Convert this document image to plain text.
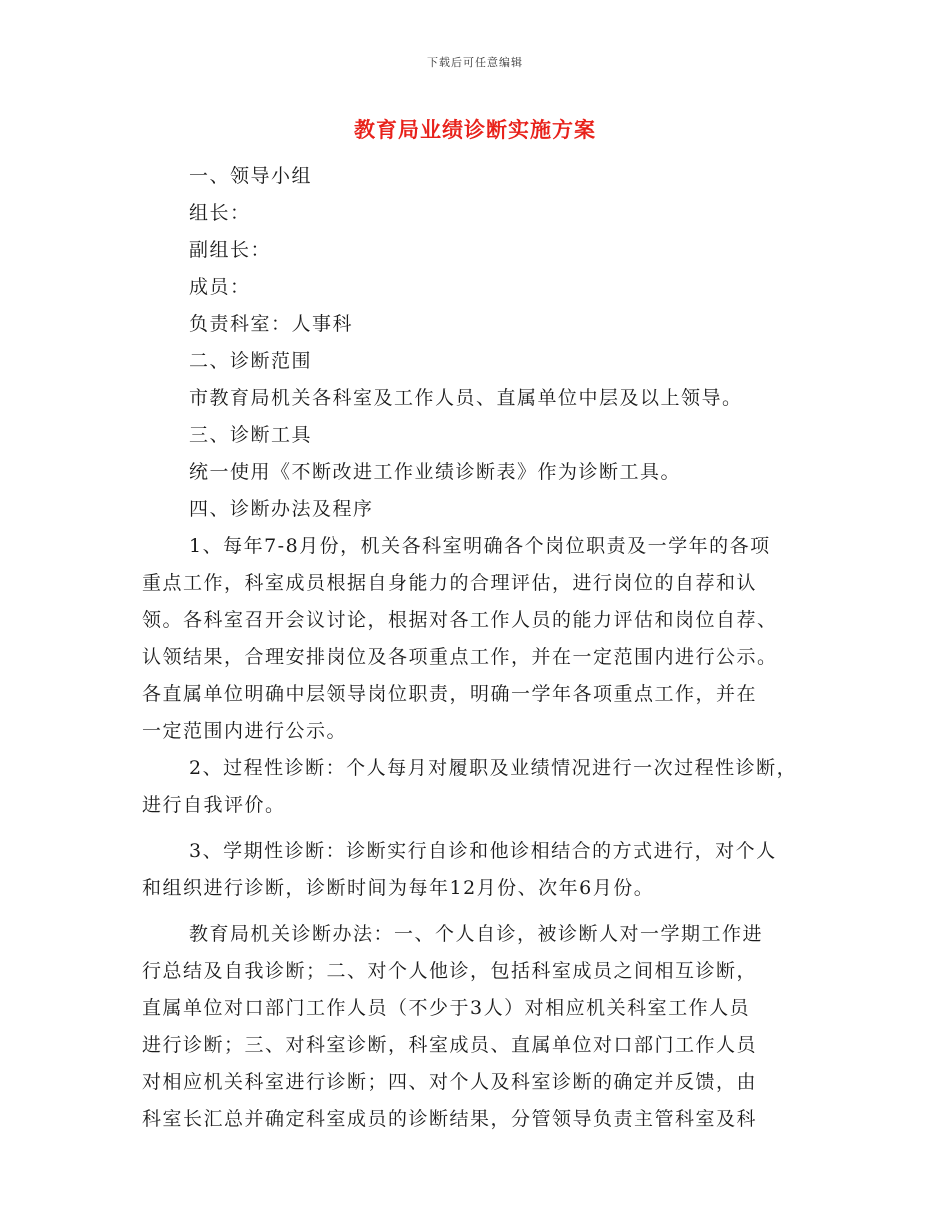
下载后可任意编辑
教育局业绩诊断实施方案
一、领导小组
组长：
副组长：
成员：
负责科室：人事科
二、诊断范围
市教育局机关各科室及工作人员、直属单位中层及以上领导。
三、诊断工具
统一使用《不断改进工作业绩诊断表》作为诊断工具。
四、诊断办法及程序
1、每年7-8月份，机关各科室明确各个岗位职责及一学年的各项
重点工作，科室成员根据自身能力的合理评估，进行岗位的自荐和认
领。各科室召开会议讨论，根据对各工作人员的能力评估和岗位自荐、
认领结果，合理安排岗位及各项重点工作，并在一定范围内进行公示。
各直属单位明确中层领导岗位职责，明确一学年各项重点工作，并在
一定范围内进行公示。
2、过程性诊断：个人每月对履职及业绩情况进行一次过程性诊断，
进行自我评价。
3、学期性诊断：诊断实行自诊和他诊相结合的方式进行，对个人
和组织进行诊断，诊断时间为每年12月份、次年6月份。
教育局机关诊断办法：一、个人自诊，被诊断人对一学期工作进
行总结及自我诊断；二、对个人他诊，包括科室成员之间相互诊断，
直属单位对口部门工作人员（不少于3人）对相应机关科室工作人员
进行诊断；三、对科室诊断，科室成员、直属单位对口部门工作人员
对相应机关科室进行诊断；四、对个人及科室诊断的确定并反馈，由
科室长汇总并确定科室成员的诊断结果，分管领导负责主管科室及科
